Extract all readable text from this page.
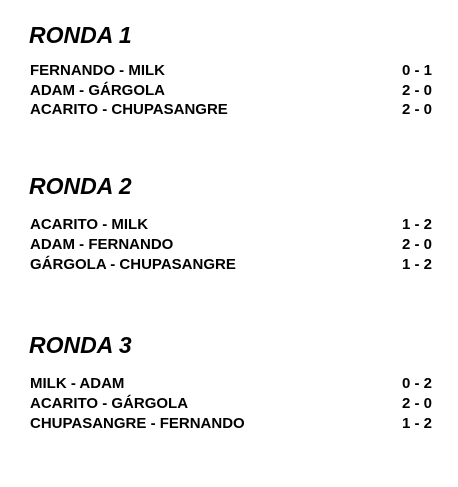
RONDA 1
FERNANDO - MILK	0 - 1
ADAM - GÁRGOLA	2 - 0
ACARITO - CHUPASANGRE	2 - 0
RONDA 2
ACARITO - MILK	1 - 2
ADAM - FERNANDO	2 - 0
GÁRGOLA - CHUPASANGRE	1 - 2
RONDA 3
MILK - ADAM	0 - 2
ACARITO - GÁRGOLA	2 - 0
CHUPASANGRE - FERNANDO	1 - 2
